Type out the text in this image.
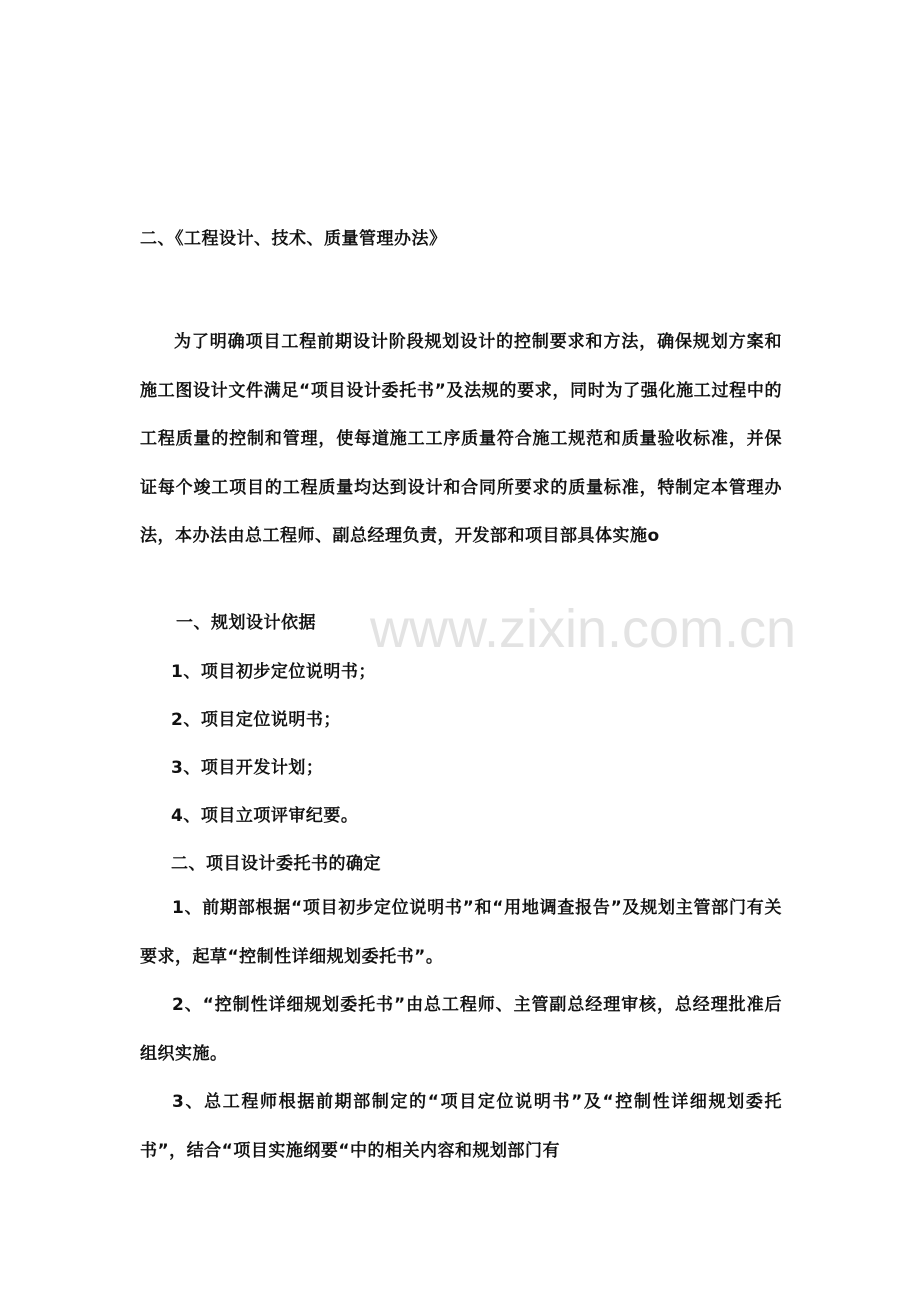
www.zixin.com.cn
二、《工程设计、技术、质量管理办法》
为了明确项目工程前期设计阶段规划设计的控制要求和方法，确保规划方案和施工图设计文件满足“项目设计委托书”及法规的要求，同时为了强化施工过程中的工程质量的控制和管理，使每道施工工序质量符合施工规范和质量验收标准，并保证每个竣工项目的工程质量均达到设计和合同所要求的质量标准，特制定本管理办法，本办法由总工程师、副总经理负责，开发部和项目部具体实施o
一、规划设计依据
1、项目初步定位说明书；
2、项目定位说明书；
3、项目开发计划；
4、项目立项评审纪要。
二、项目设计委托书的确定
1、前期部根据“项目初步定位说明书”和“用地调查报告”及规划主管部门有关要求，起草“控制性详细规划委托书”。
2、“控制性详细规划委托书”由总工程师、主管副总经理审核，总经理批准后组织实施。
3、总工程师根据前期部制定的“项目定位说明书”及“控制性详细规划委托书”，结合“项目实施纲要“中的相关内容和规划部门有
